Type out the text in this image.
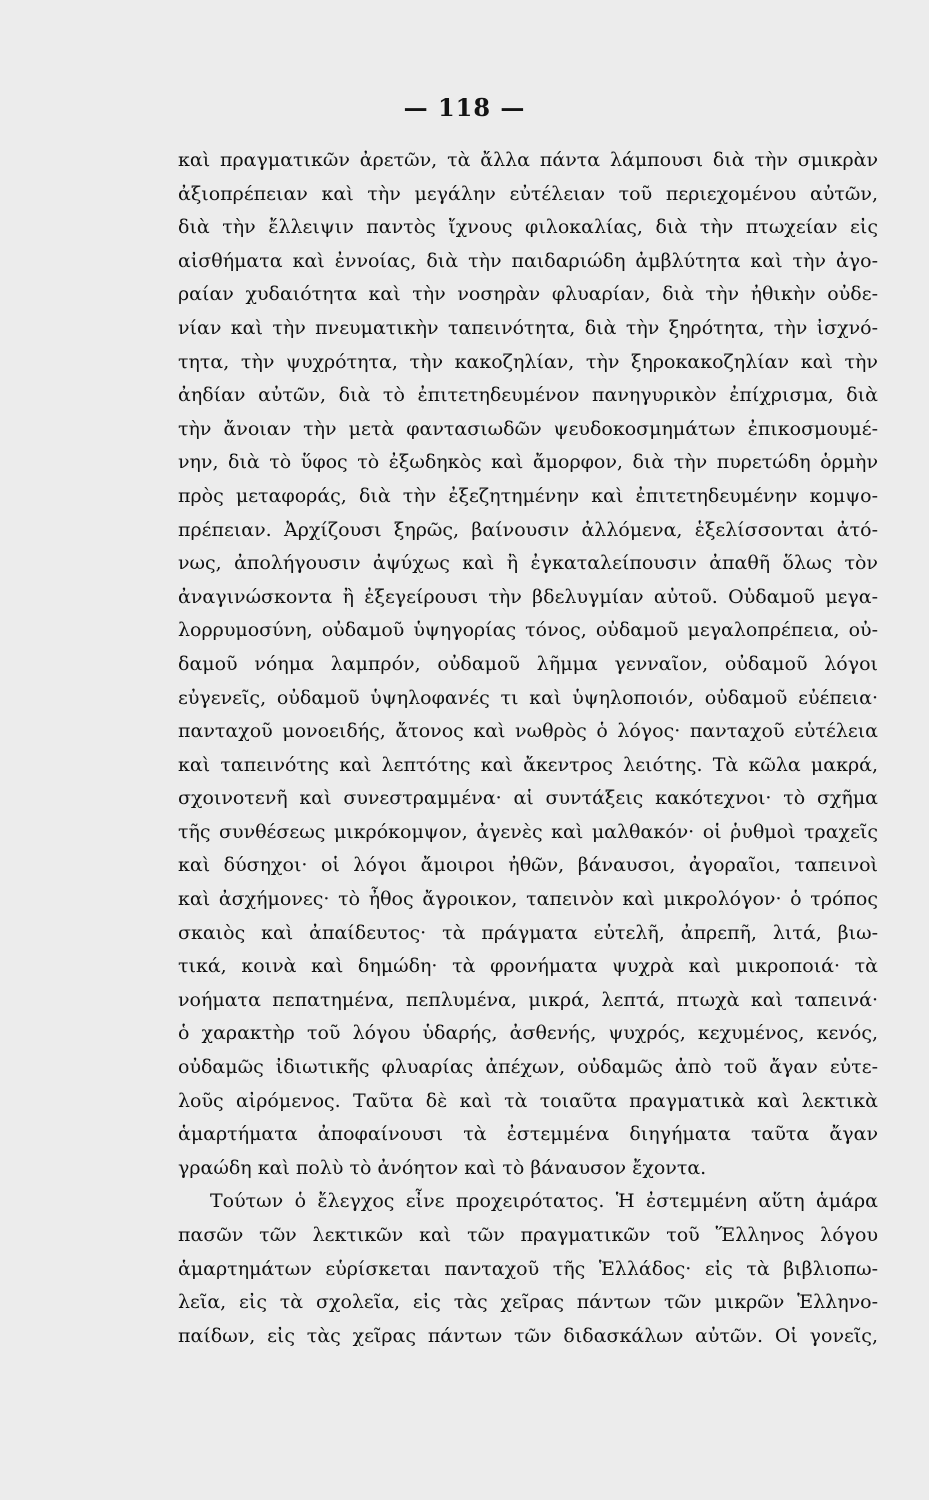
— 118 —
καὶ πραγματικῶν ἀρετῶν, τὰ ἄλλα πάντα λάμπουσι διὰ τὴν σμικρὰν
ἀξιοπρέπειαν καὶ τὴν μεγάλην εὐτέλειαν τοῦ περιεχομένου αὐτῶν,
διὰ τὴν ἔλλειψιν παντὸς ἴχνους φιλοκαλίας, διὰ τὴν πτωχείαν εἰς
αἰσθήματα καὶ ἐννοίας, διὰ τὴν παιδαριώδη ἀμβλύτητα καὶ τὴν ἀγο-
ραίαν χυδαιότητα καὶ τὴν νοσηρὰν φλυαρίαν, διὰ τὴν ἠθικὴν οὐδε-
νίαν καὶ τὴν πνευματικὴν ταπεινότητα, διὰ τὴν ξηρότητα, τὴν ἰσχνό-
τητα, τὴν ψυχρότητα, τὴν κακοζηλίαν, τὴν ξηροκακοζηλίαν καὶ τὴν
ἀηδίαν αὐτῶν, διὰ τὸ ἐπιτετηδευμένον πανηγυρικὸν ἐπίχρισμα, διὰ
τὴν ἄνοιαν τὴν μετὰ φαντασιωδῶν ψευδοκοσμημάτων ἐπικοσμουμέ-
νην, διὰ τὸ ὕφος τὸ ἐξωδηκὸς καὶ ἄμορφον, διὰ τὴν πυρετώδη ὁρμὴν
πρὸς μεταφοράς, διὰ τὴν ἐξεζητημένην καὶ ἐπιτετηδευμένην κομψο-
πρέπειαν. Ἀρχίζουσι ξηρῶς, βαίνουσιν ἀλλόμενα, ἑξελίσσονται ἀτό-
νως, ἀπολήγουσιν ἀψύχως καὶ ἢ ἐγκαταλείπουσιν ἀπαθῆ ὅλως τὸν
ἀναγινώσκοντα ἢ ἐξεγείρουσι τὴν βδελυγμίαν αὐτοῦ. Οὐδαμοῦ μεγα-
λορρυμοσύνη, οὐδαμοῦ ὑψηγορίας τόνος, οὐδαμοῦ μεγαλοπρέπεια, οὐ-
δαμοῦ νόημα λαμπρόν, οὐδαμοῦ λῆμμα γενναῖον, οὐδαμοῦ λόγοι
εὐγενεῖς, οὐδαμοῦ ὑψηλοφανές τι καὶ ὑψηλοποιόν, οὐδαμοῦ εὐέπεια·
πανταχοῦ μονοειδής, ἄτονος καὶ νωθρὸς ὁ λόγος· πανταχοῦ εὐτέλεια
καὶ ταπεινότης καὶ λεπτότης καὶ ἄκεντρος λειότης. Τὰ κῶλα μακρά,
σχοινοτενῆ καὶ συνεστραμμένα· αἱ συντάξεις κακότεχνοι· τὸ σχῆμα
τῆς συνθέσεως μικρόκομψον, ἀγενὲς καὶ μαλθακόν· οἱ ῥυθμοὶ τραχεῖς
καὶ δύσηχοι· οἱ λόγοι ἄμοιροι ἠθῶν, βάναυσοι, ἀγοραῖοι, ταπεινοὶ
καὶ ἀσχήμονες· τὸ ἦθος ἄγροικον, ταπεινὸν καὶ μικρολόγον· ὁ τρόπος
σκαιὸς καὶ ἀπαίδευτος· τὰ πράγματα εὐτελῆ, ἀπρεπῆ, λιτά, βιω-
τικά, κοινὰ καὶ δημώδη· τὰ φρονήματα ψυχρὰ καὶ μικροποιά· τὰ
νοήματα πεπατημένα, πεπλυμένα, μικρά, λεπτά, πτωχὰ καὶ ταπεινά·
ὁ χαρακτὴρ τοῦ λόγου ὑδαρής, ἀσθενής, ψυχρός, κεχυμένος, κενός,
οὐδαμῶς ἰδιωτικῆς φλυαρίας ἀπέχων, οὐδαμῶς ἀπὸ τοῦ ἄγαν εὐτε-
λοῦς αἰρόμενος. Ταῦτα δὲ καὶ τὰ τοιαῦτα πραγματικὰ καὶ λεκτικὰ
ἁμαρτήματα ἀποφαίνουσι τὰ ἐστεμμένα διηγήματα ταῦτα ἄγαν
γραώδη καὶ πολὺ τὸ ἀνόητον καὶ τὸ βάναυσον ἔχοντα.
Τούτων ὁ ἔλεγχος εἶνε προχειρότατος. Ἡ ἐστεμμένη αὕτη ἁμάρα
πασῶν τῶν λεκτικῶν καὶ τῶν πραγματικῶν τοῦ Ἕλληνος λόγου
ἁμαρτημάτων εὑρίσκεται πανταχοῦ τῆς Ἑλλάδος· εἰς τὰ βιβλιοπω-
λεῖα, εἰς τὰ σχολεῖα, εἰς τὰς χεῖρας πάντων τῶν μικρῶν Ἑλληνο-
παίδων, εἰς τὰς χεῖρας πάντων τῶν διδασκάλων αὐτῶν. Οἱ γονεῖς,
